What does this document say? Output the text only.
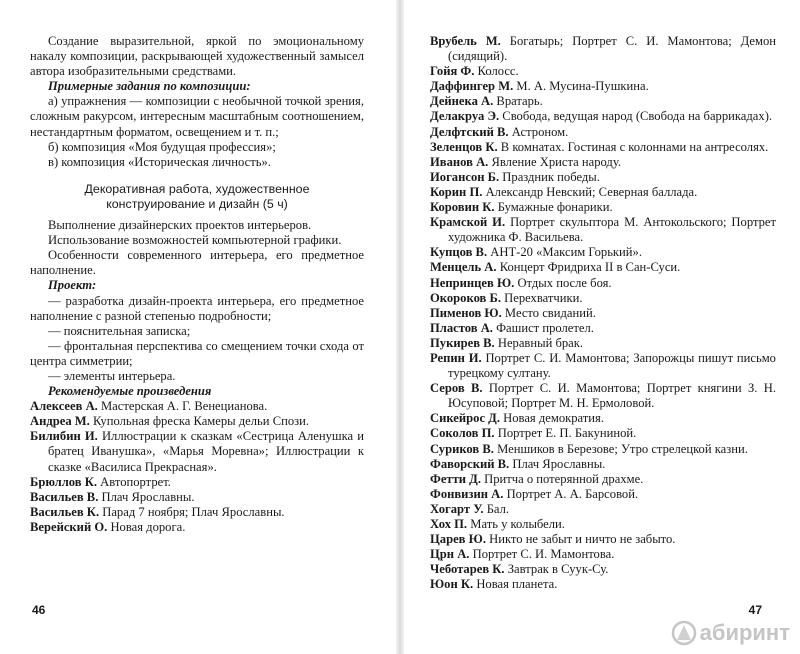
Создание выразительной, яркой по эмоциональному накалу композиции, раскрывающей художественный замысел автора изобразительными средствами.

Примерные задания по композиции:

а) упражнения — композиции с необычной точкой зрения, сложным ракурсом, интересным масштабным соотношением, нестандартным форматом, освещением и т. п.;

б) композиция «Моя будущая профессия»;

в) композиция «Историческая личность».

Декоративная работа, художественное конструирование и дизайн (5 ч)

Выполнение дизайнерских проектов интерьеров.

Использование возможностей компьютерной графики.

Особенности современного интерьера, его предметное наполнение.

Проект:

— разработка дизайн-проекта интерьера, его предметное наполнение с разной степенью подробности;

— пояснительная записка;

— фронтальная перспектива со смещением точки схода от центра симметрии;

— элементы интерьера.

Рекомендуемые произведения

Алексеев А. Мастерская А. Г. Венецианова.

Андреа М. Купольная фреска Камеры дельи Спози.

Билибин И. Иллюстрации к сказкам «Сестрица Аленушка и братец Иванушка», «Марья Моревна»; Иллюстрации к сказке «Василиса Прекрасная».

Брюллов К. Автопортрет.

Васильев В. Плач Ярославны.

Васильев К. Парад 7 ноября; Плач Ярославны.

Верейский О. Новая дорога.

46

Врубель М. Богатырь; Портрет С. И. Мамонтова; Демон (сидящий).

Гойя Ф. Колосс.

Даффингер М. М. А. Мусина-Пушкина.

Дейнека А. Вратарь.

Делакруа Э. Свобода, ведущая народ (Свобода на баррикадах).

Делфтский В. Астроном.

Зеленцов К. В комнатах. Гостиная с колоннами на антресолях.

Иванов А. Явление Христа народу.

Иогансон Б. Праздник победы.

Корин П. Александр Невский; Северная баллада.

Коровин К. Бумажные фонарики.

Крамской И. Портрет скульптора М. Антокольского; Портрет художника Ф. Васильева.

Купцов В. АНТ-20 «Максим Горький».

Менцель А. Концерт Фридриха II в Сан-Суси.

Непринцев Ю. Отдых после боя.

Окороков Б. Перехватчики.

Пименов Ю. Место свиданий.

Пластов А. Фашист пролетел.

Пукирев В. Неравный брак.

Репин И. Портрет С. И. Мамонтова; Запорожцы пишут письмо турецкому султану.

Серов В. Портрет С. И. Мамонтова; Портрет княгини З. Н. Юсуповой; Портрет М. Н. Ермоловой.

Сикейрос Д. Новая демократия.

Соколов П. Портрет Е. П. Бакуниной.

Суриков В. Меншиков в Березове; Утро стрелецкой казни.

Фаворский В. Плач Ярославны.

Фетти Д. Притча о потерянной драхме.

Фонвизин А. Портрет А. А. Барсовой.

Хогарт У. Бал.

Хох П. Мать у колыбели.

Царев Ю. Никто не забыт и ничто не забыто.

Црн А. Портрет С. И. Мамонтова.

Чеботарев К. Завтрак в Суук-Су.

Юон К. Новая планета.

47
абиринт
